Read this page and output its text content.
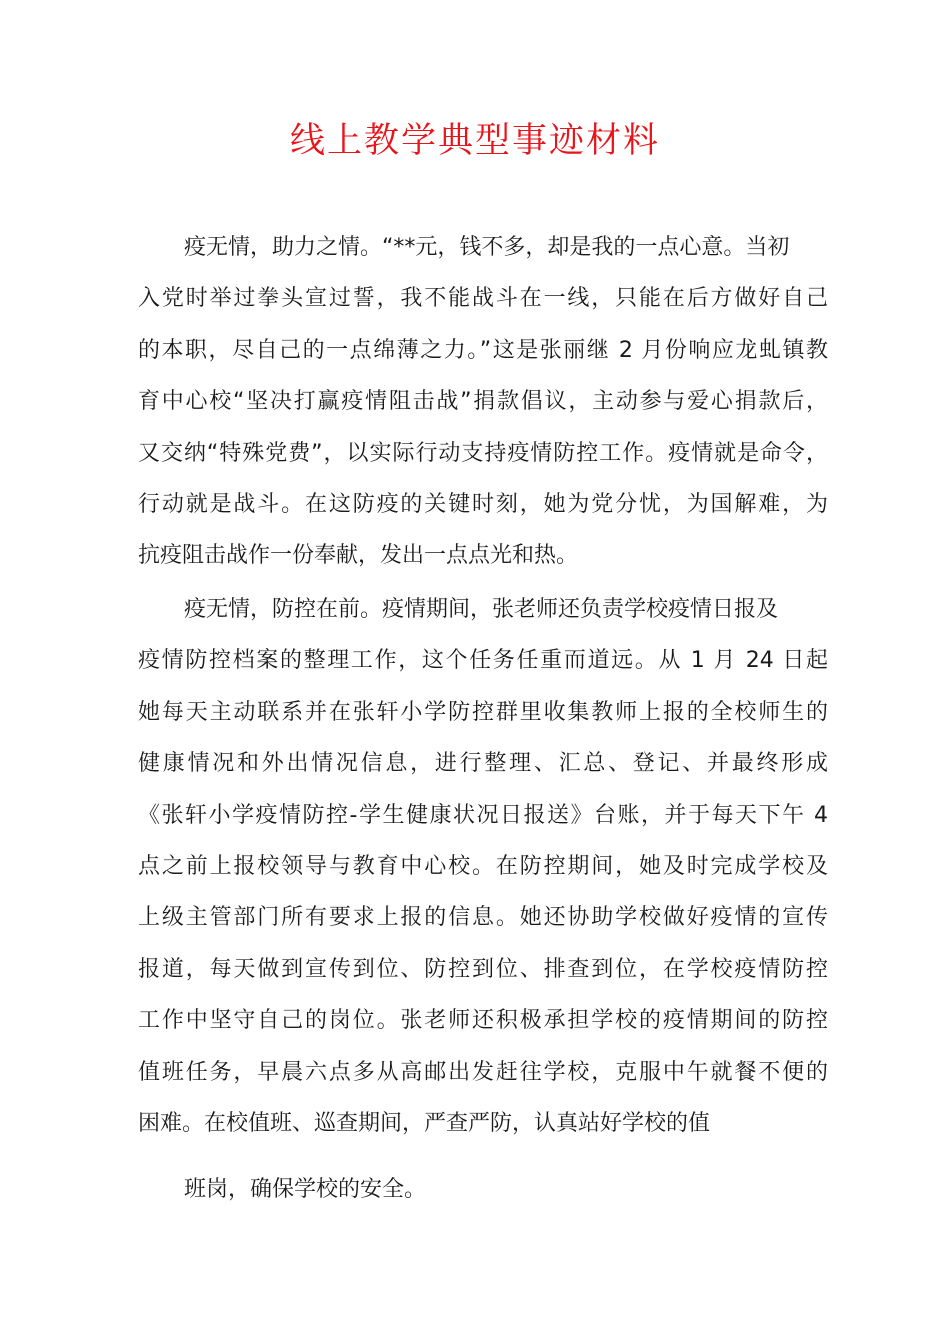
线上教学典型事迹材料
疫无情，助力之情。“**元，钱不多，却是我的一点心意。当初
入党时举过拳头宣过誓，我不能战斗在一线，只能在后方做好自己
的本职，尽自己的一点绵薄之力。”这是张丽继 2 月份响应龙虬镇教
育中心校“坚决打赢疫情阻击战”捐款倡议，主动参与爱心捐款后，
又交纳“特殊党费”，以实际行动支持疫情防控工作。疫情就是命令，
行动就是战斗。在这防疫的关键时刻，她为党分忧，为国解难，为
抗疫阻击战作一份奉献，发出一点点光和热。
疫无情，防控在前。疫情期间，张老师还负责学校疫情日报及
疫情防控档案的整理工作，这个任务任重而道远。从 1 月 24 日起
她每天主动联系并在张轩小学防控群里收集教师上报的全校师生的
健康情况和外出情况信息，进行整理、汇总、登记、并最终形成
《张轩小学疫情防控-学生健康状况日报送》台账，并于每天下午 4
点之前上报校领导与教育中心校。在防控期间，她及时完成学校及
上级主管部门所有要求上报的信息。她还协助学校做好疫情的宣传
报道，每天做到宣传到位、防控到位、排查到位，在学校疫情防控
工作中坚守自己的岗位。张老师还积极承担学校的疫情期间的防控
值班任务，早晨六点多从高邮出发赶往学校，克服中午就餐不便的
困难。在校值班、巡查期间，严查严防，认真站好学校的值
班岗，确保学校的安全。
